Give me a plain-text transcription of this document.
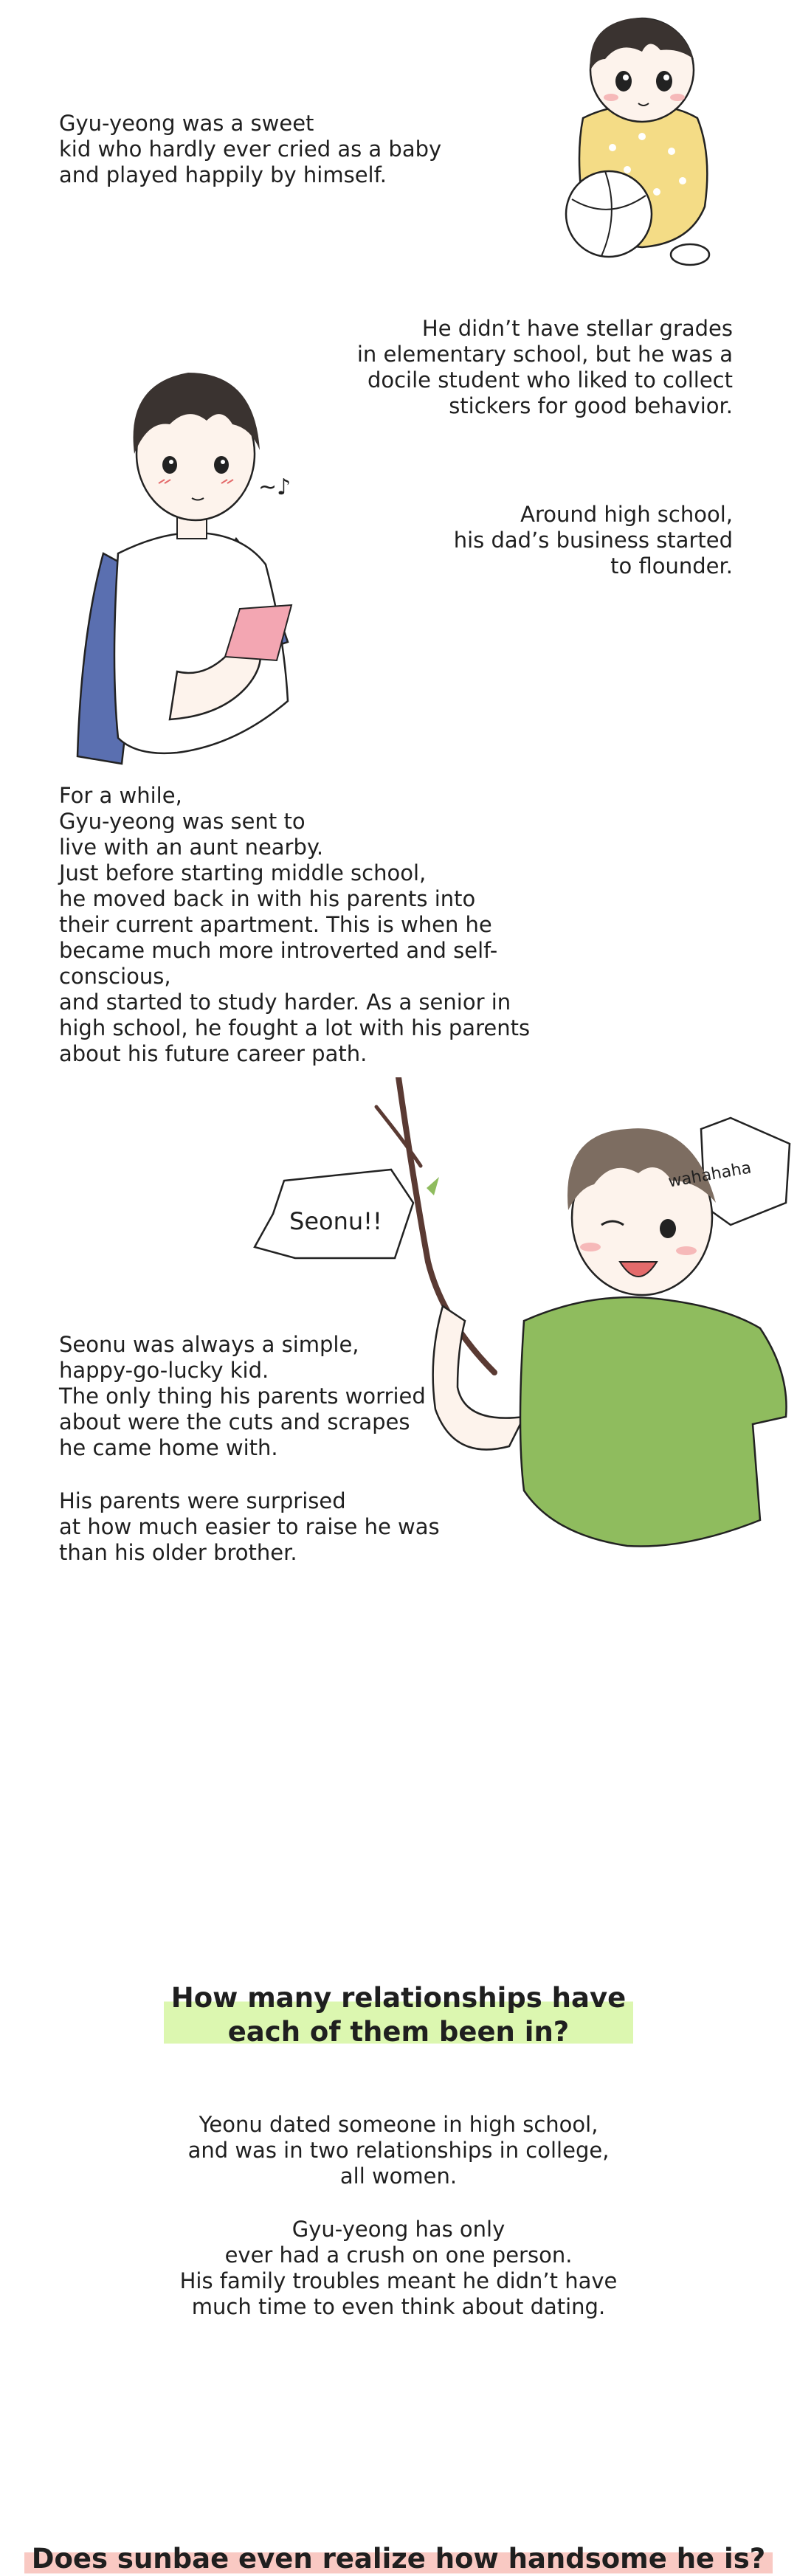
Gyu-yeong was a sweet
kid who hardly ever cried as a baby
and played happily by himself.

He didn’t have stellar grades
in elementary school, but he was a
docile student who liked to collect
stickers for good behavior.

~♪

Around high school,
his dad’s business started
to flounder.

For a while,
Gyu-yeong was sent to
live with an aunt nearby.
Just before starting middle school,
he moved back in with his parents into
their current apartment. This is when he
became much more introverted and self-conscious,
and started to study harder. As a senior in
high school, he fought a lot with his parents
about his future career path.

Seonu!!
wahahaha

Seonu was always a simple,
happy-go-lucky kid.
The only thing his parents worried
about were the cuts and scrapes
he came home with.

His parents were surprised
at how much easier to raise he was
than his older brother.

How many relationships have
each of them been in?

Yeonu dated someone in high school,
and was in two relationships in college,
all women.

Gyu-yeong has only
ever had a crush on one person.
His family troubles meant he didn’t have
much time to even think about dating.

Does sunbae even realize how handsome he is?
